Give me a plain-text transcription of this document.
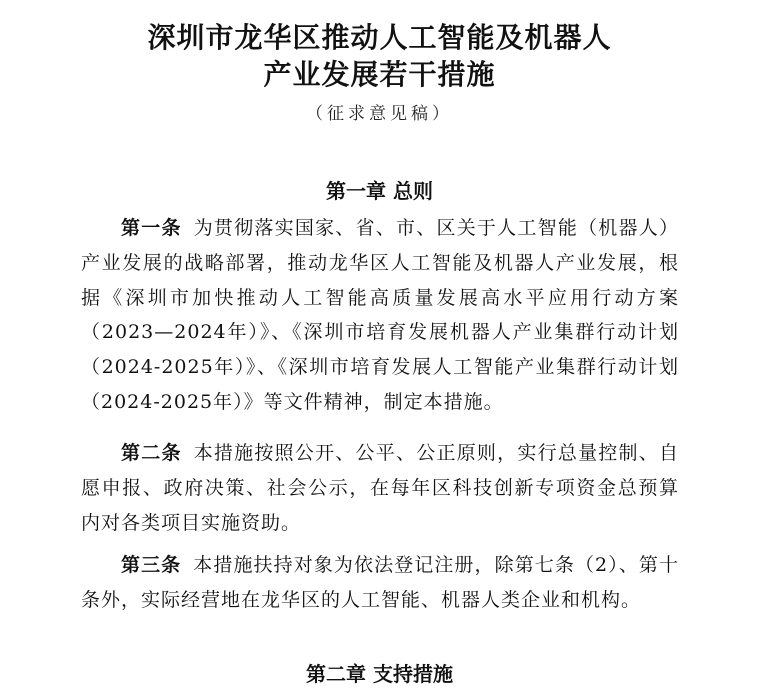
深圳市龙华区推动人工智能及机器人
产业发展若干措施
（征求意见稿）
第一章 总则

第一条 为贯彻落实国家、省、市、区关于人工智能（机器人）产业发展的战略部署，推动龙华区人工智能及机器人产业发展，根据《深圳市加快推动人工智能高质量发展高水平应用行动方案（2023—2024年）》、《深圳市培育发展机器人产业集群行动计划（2024-2025年）》、《深圳市培育发展人工智能产业集群行动计划（2024-2025年）》等文件精神，制定本措施。

第二条 本措施按照公开、公平、公正原则，实行总量控制、自愿申报、政府决策、社会公示，在每年区科技创新专项资金总预算内对各类项目实施资助。

第三条 本措施扶持对象为依法登记注册，除第七条（2）、第十条外，实际经营地在龙华区的人工智能、机器人类企业和机构。

第二章 支持措施
